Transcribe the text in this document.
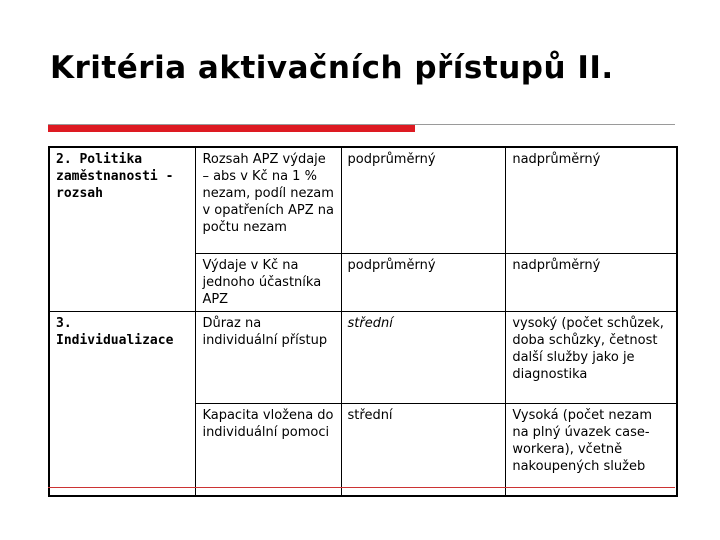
Kritéria aktivačních přístupů II.
2. Politika zaměstnanosti - rozsah	Rozsah APZ výdaje – abs v Kč na 1 % nezam, podíl nezam v opatřeních APZ na počtu nezam	podprůměrný	nadprůměrný
	Výdaje v Kč na jednoho účastníka APZ	podprůměrný	nadprůměrný
3. Individualizace	Důraz na individuální přístup	střední	vysoký (počet schůzek, doba schůzky, četnost další služby jako je diagnostika
	Kapacita vložena do individuální pomoci	střední	Vysoká (počet nezam na plný úvazek case-workera), včetně nakoupených služeb
